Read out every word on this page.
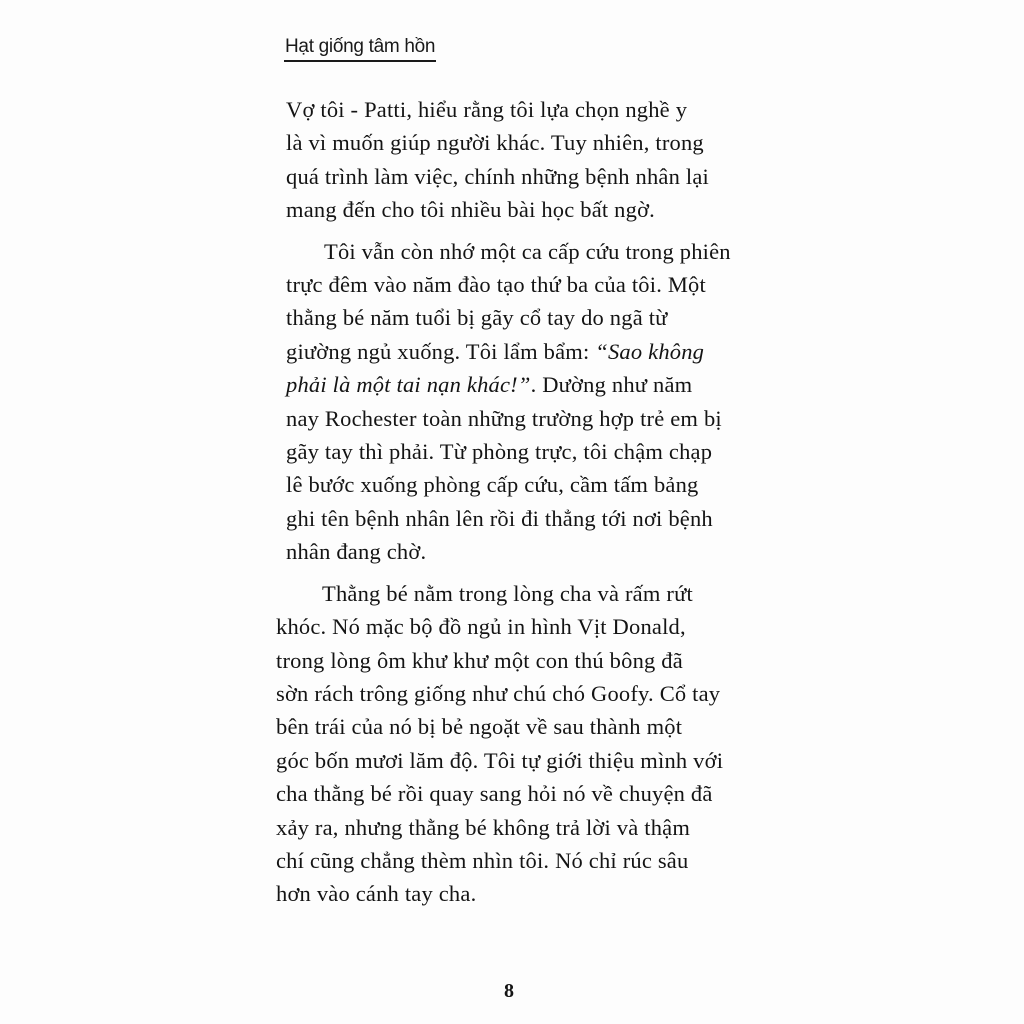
Hạt giống tâm hồn

Vợ tôi - Patti, hiểu rằng tôi lựa chọn nghề y
là vì muốn giúp người khác. Tuy nhiên, trong
quá trình làm việc, chính những bệnh nhân lại
mang đến cho tôi nhiều bài học bất ngờ.

Tôi vẫn còn nhớ một ca cấp cứu trong phiên
trực đêm vào năm đào tạo thứ ba của tôi. Một
thằng bé năm tuổi bị gãy cổ tay do ngã từ
giường ngủ xuống. Tôi lẩm bẩm: “Sao không
phải là một tai nạn khác!”. Dường như năm
nay Rochester toàn những trường hợp trẻ em bị
gãy tay thì phải. Từ phòng trực, tôi chậm chạp
lê bước xuống phòng cấp cứu, cầm tấm bảng
ghi tên bệnh nhân lên rồi đi thẳng tới nơi bệnh
nhân đang chờ.

Thằng bé nằm trong lòng cha và rấm rứt
khóc. Nó mặc bộ đồ ngủ in hình Vịt Donald,
trong lòng ôm khư khư một con thú bông đã
sờn rách trông giống như chú chó Goofy. Cổ tay
bên trái của nó bị bẻ ngoặt về sau thành một
góc bốn mươi lăm độ. Tôi tự giới thiệu mình với
cha thằng bé rồi quay sang hỏi nó về chuyện đã
xảy ra, nhưng thằng bé không trả lời và thậm
chí cũng chẳng thèm nhìn tôi. Nó chỉ rúc sâu
hơn vào cánh tay cha.

8
